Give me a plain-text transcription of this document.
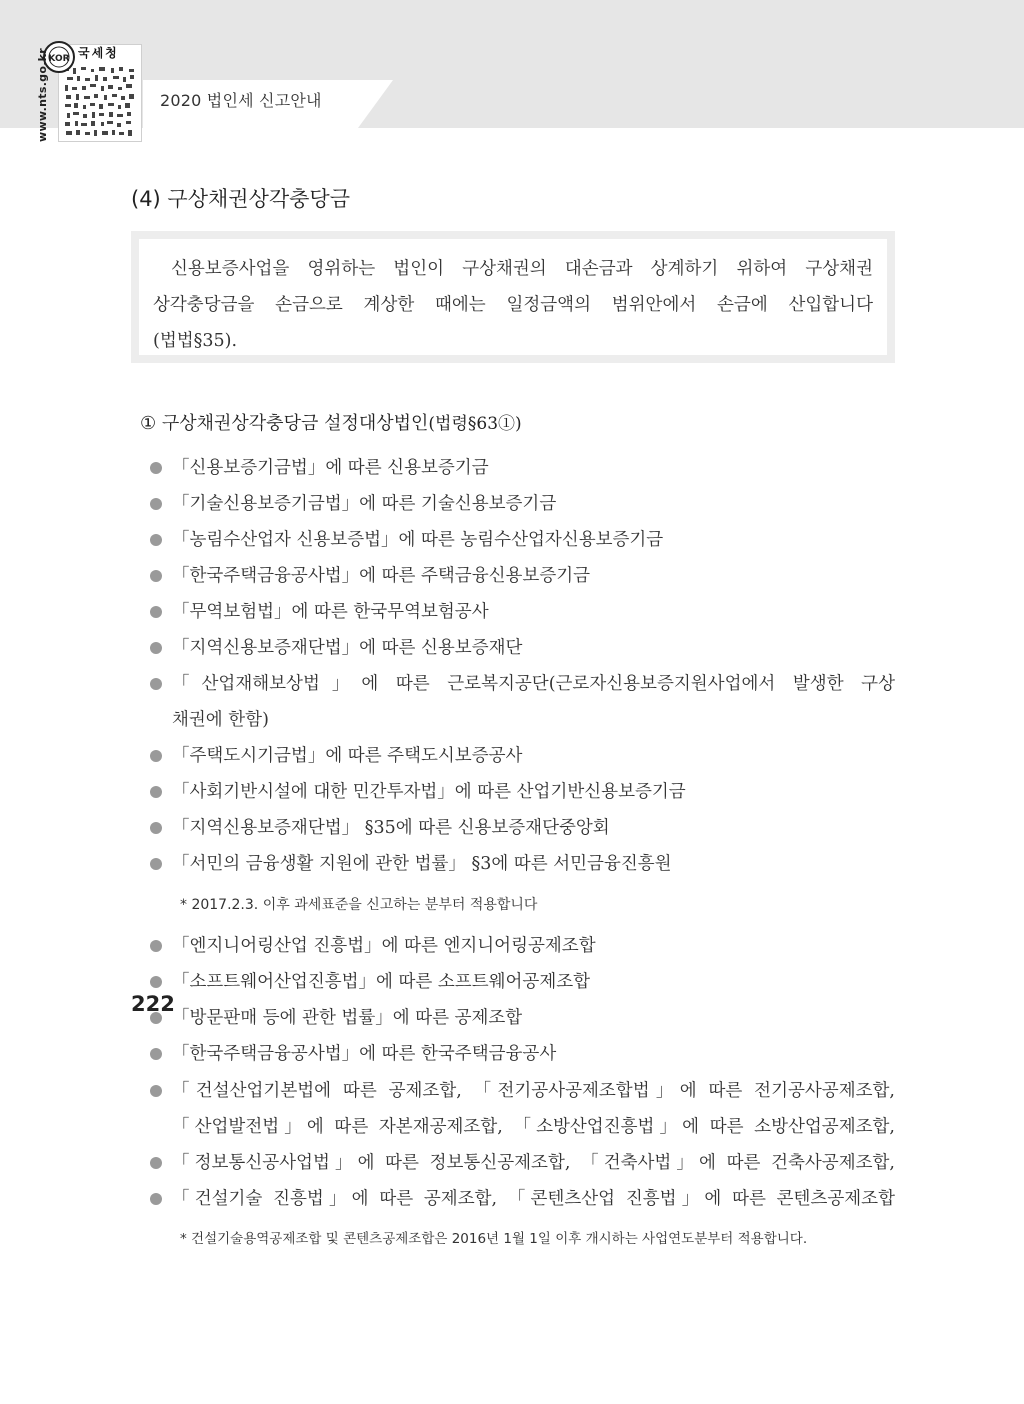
2020 법인세 신고안내
국세청
KOR
www.nts.go.kr
(4) 구상채권상각충당금
신용보증사업을 영위하는 법인이 구상채권의 대손금과 상계하기 위하여 구상채권
상각충당금을 손금으로 계상한 때에는 일정금액의 범위안에서 손금에 산입합니다
(법법§35).
① 구상채권상각충당금 설정대상법인(법령§63①)
「신용보증기금법」에 따른 신용보증기금
「기술신용보증기금법」에 따른 기술신용보증기금
「농림수산업자 신용보증법」에 따른 농림수산업자신용보증기금
「한국주택금융공사법」에 따른 주택금융신용보증기금
「무역보험법」에 따른 한국무역보험공사
「지역신용보증재단법」에 따른 신용보증재단
「산업재해보상법」에 따른 근로복지공단(근로자신용보증지원사업에서 발생한 구상
채권에 한함)
「주택도시기금법」에 따른 주택도시보증공사
「사회기반시설에 대한 민간투자법」에 따른 산업기반신용보증기금
「지역신용보증재단법」 §35에 따른 신용보증재단중앙회
「서민의 금융생활 지원에 관한 법률」 §3에 따른 서민금융진흥원
* 2017.2.3. 이후 과세표준을 신고하는 분부터 적용합니다
「엔지니어링산업 진흥법」에 따른 엔지니어링공제조합
「소프트웨어산업진흥법」에 따른 소프트웨어공제조합
「방문판매 등에 관한 법률」에 따른 공제조합
「한국주택금융공사법」에 따른 한국주택금융공사
「건설산업기본법에 따른 공제조합, 「전기공사공제조합법」에 따른 전기공사공제조합,
「산업발전법」에 따른 자본재공제조합, 「소방산업진흥법」에 따른 소방산업공제조합,
「정보통신공사업법」에 따른 정보통신공제조합, 「건축사법」에 따른 건축사공제조합,
「건설기술 진흥법」에 따른 공제조합, 「콘텐츠산업 진흥법」에 따른 콘텐츠공제조합
* 건설기술용역공제조합 및 콘텐츠공제조합은 2016년 1월 1일 이후 개시하는 사업연도분부터 적용합니다.
222
